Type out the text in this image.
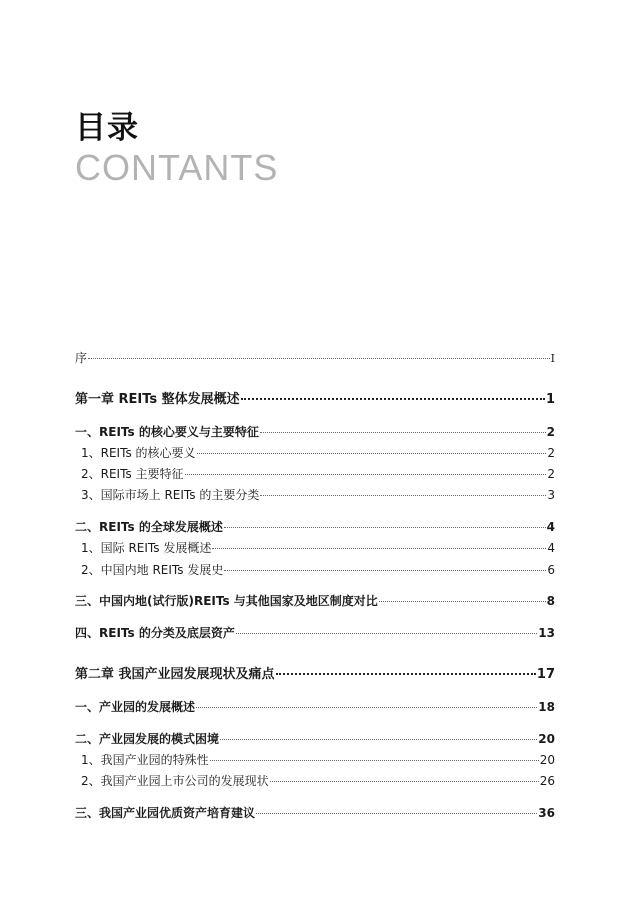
目录
CONTANTS
序	I
第一章 REITs 整体发展概述	1
一、REITs 的核心要义与主要特征	2
1、REITs 的核心要义	2
2、REITs 主要特征	2
3、国际市场上 REITs 的主要分类	3
二、REITs 的全球发展概述	4
1、国际 REITs 发展概述	4
2、中国内地 REITs 发展史	6
三、中国内地(试行版)REITs 与其他国家及地区制度对比	8
四、REITs 的分类及底层资产	13
第二章 我国产业园发展现状及痛点	17
一、产业园的发展概述	18
二、产业园发展的模式困境	20
1、我国产业园的特殊性	20
2、我国产业园上市公司的发展现状	26
三、我国产业园优质资产培育建议	36
